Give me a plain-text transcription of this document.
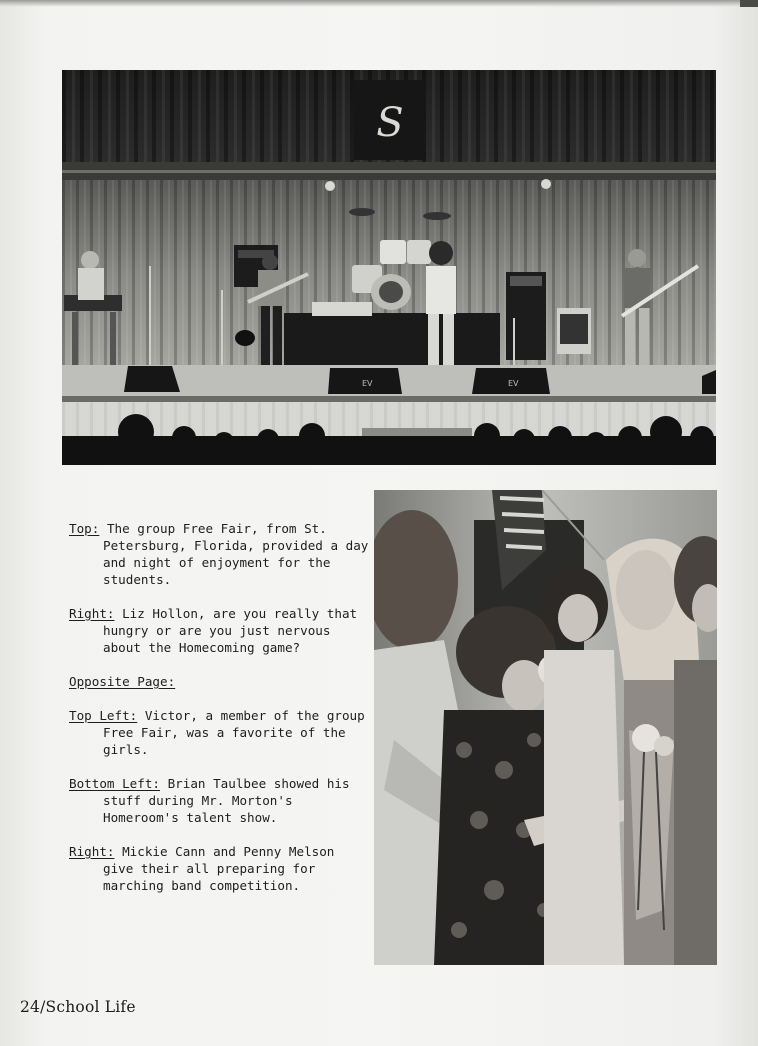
S
EV	EV

Top: The group Free Fair, from St. Petersburg, Florida, provided a day and night of enjoyment for the students.

Right: Liz Hollon, are you really that hungry or are you just nervous about the Homecoming game?

Opposite Page:

Top Left: Victor, a member of the group Free Fair, was a favorite of the girls.

Bottom Left: Brian Taulbee showed his stuff during Mr. Morton's Homeroom's talent show.

Right: Mickie Cann and Penny Melson give their all preparing for marching band competition.

24/School Life
